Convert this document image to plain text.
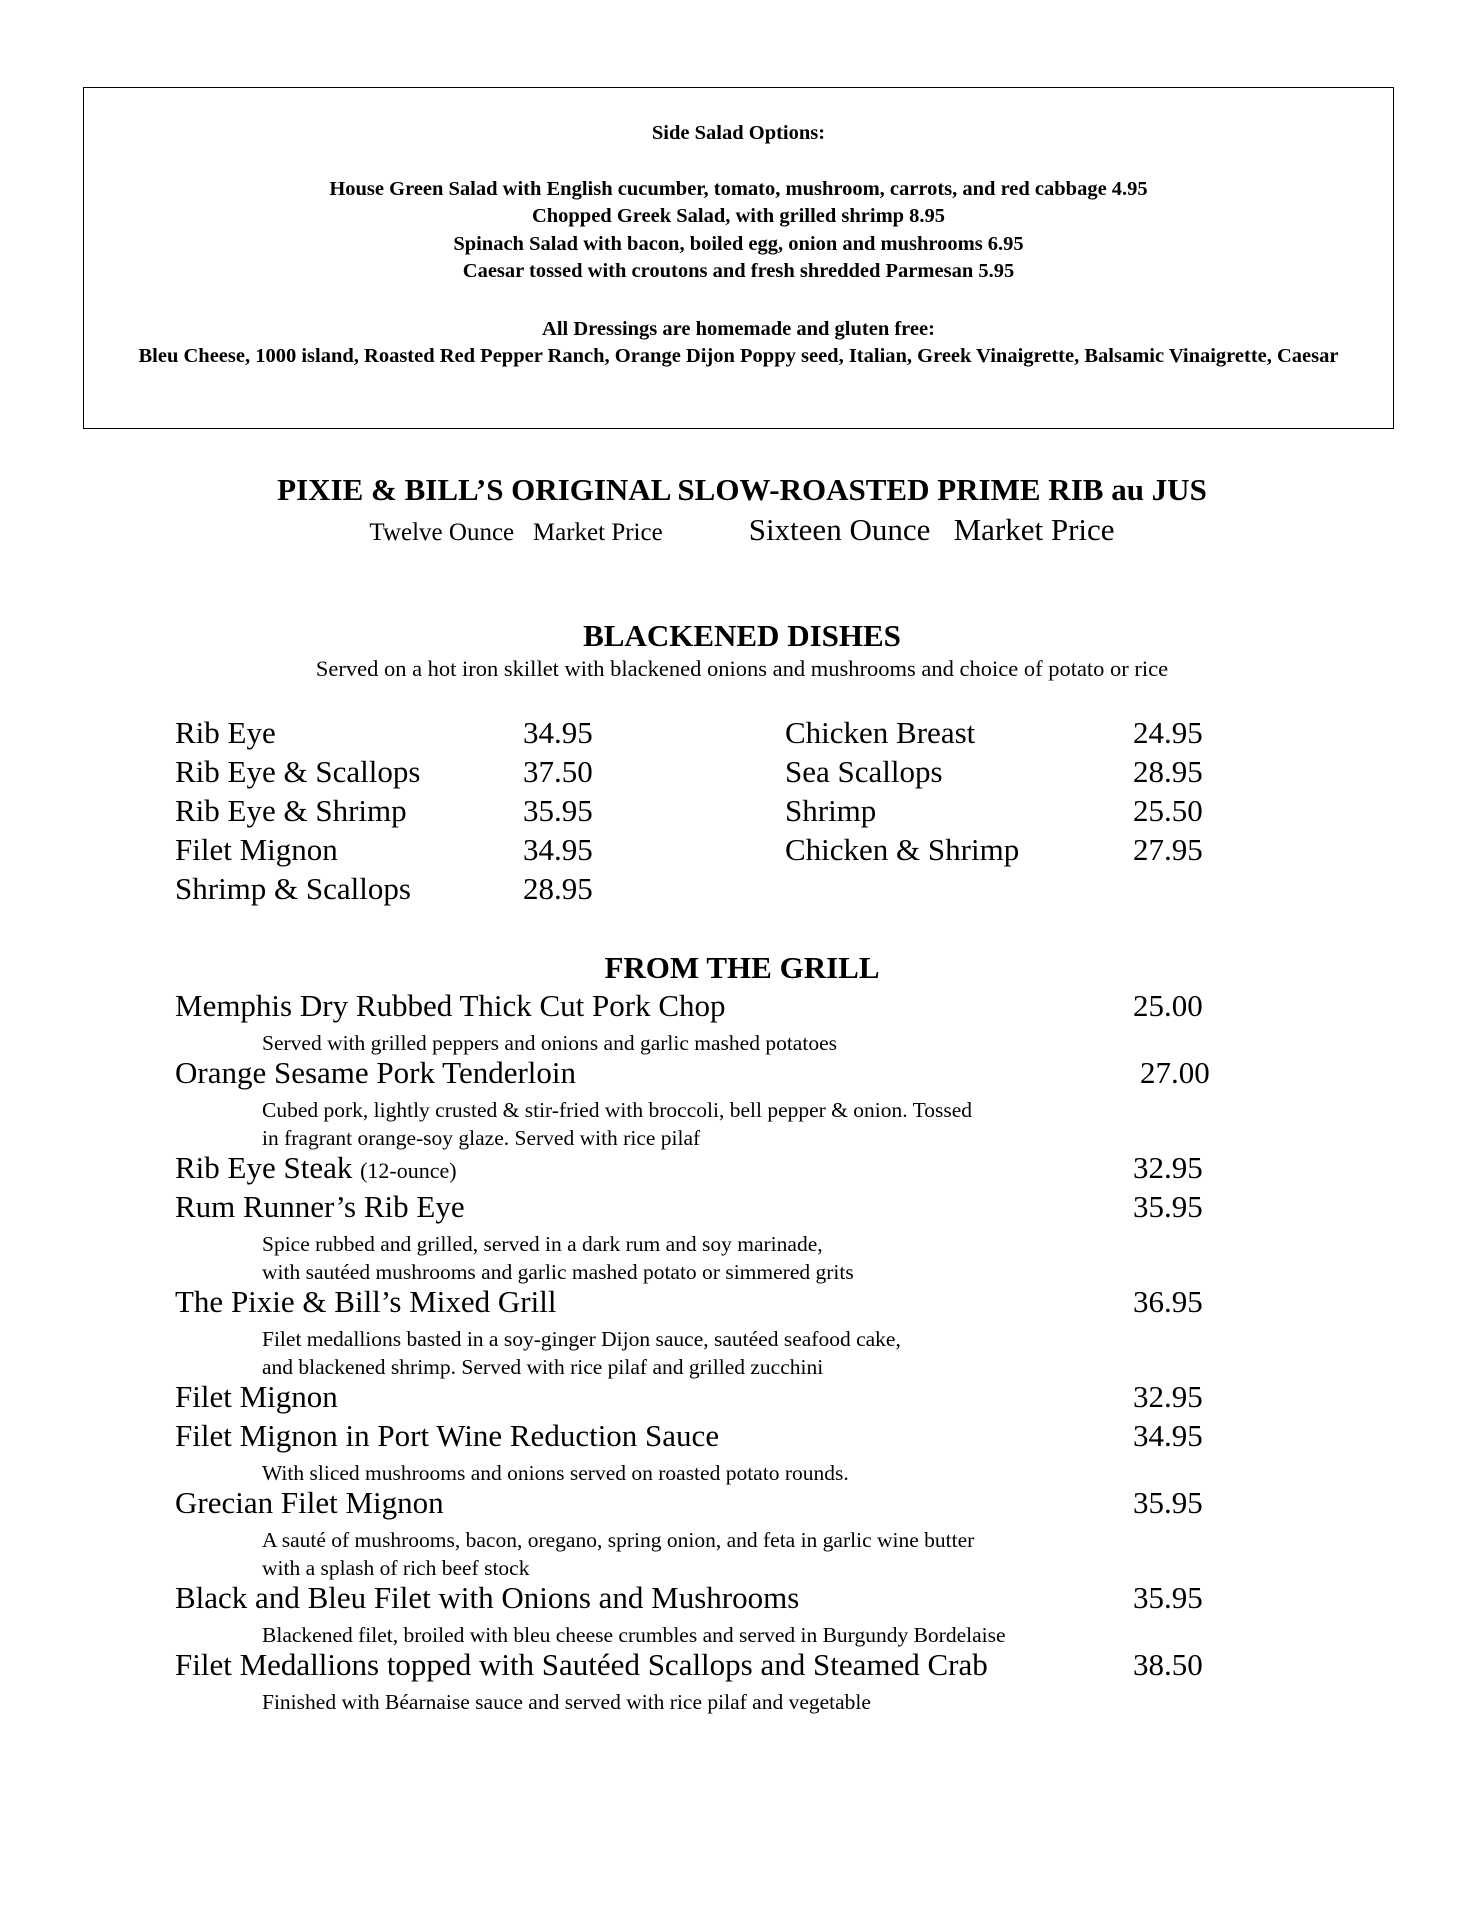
Side Salad Options:
House Green Salad with English cucumber, tomato, mushroom, carrots, and red cabbage 4.95
Chopped Greek Salad, with grilled shrimp 8.95
Spinach Salad with bacon, boiled egg, onion and mushrooms 6.95
Caesar tossed with croutons and fresh shredded Parmesan 5.95
All Dressings are homemade and gluten free:
Bleu Cheese, 1000 island, Roasted Red Pepper Ranch, Orange Dijon Poppy seed, Italian, Greek Vinaigrette, Balsamic Vinaigrette, Caesar
PIXIE & BILL’S ORIGINAL SLOW-ROASTED PRIME RIB au JUS
Twelve Ounce   Market Price	Sixteen Ounce   Market Price
BLACKENED DISHES
Served on a hot iron skillet with blackened onions and mushrooms and choice of potato or rice
Rib Eye	34.95
Rib Eye & Scallops	37.50
Rib Eye & Shrimp	35.95
Filet Mignon	34.95
Shrimp & Scallops	28.95
Chicken Breast	24.95
Sea Scallops	28.95
Shrimp	25.50
Chicken & Shrimp	27.95
FROM THE GRILL
Memphis Dry Rubbed Thick Cut Pork Chop	25.00
Served with grilled peppers and onions and garlic mashed potatoes
Orange Sesame Pork Tenderloin	27.00
Cubed pork, lightly crusted & stir-fried with broccoli, bell pepper & onion. Tossed
in fragrant orange-soy glaze. Served with rice pilaf
Rib Eye Steak (12-ounce)	32.95
Rum Runner’s Rib Eye	35.95
Spice rubbed and grilled, served in a dark rum and soy marinade,
with sautéed mushrooms and garlic mashed potato or simmered grits
The Pixie & Bill’s Mixed Grill	36.95
Filet medallions basted in a soy-ginger Dijon sauce, sautéed seafood cake,
and blackened shrimp. Served with rice pilaf and grilled zucchini
Filet Mignon	32.95
Filet Mignon in Port Wine Reduction Sauce	34.95
With sliced mushrooms and onions served on roasted potato rounds.
Grecian Filet Mignon	35.95
A sauté of mushrooms, bacon, oregano, spring onion, and feta in garlic wine butter
with a splash of rich beef stock
Black and Bleu Filet with Onions and Mushrooms	35.95
Blackened filet, broiled with bleu cheese crumbles and served in Burgundy Bordelaise
Filet Medallions topped with Sautéed Scallops and Steamed Crab	38.50
Finished with Béarnaise sauce and served with rice pilaf and vegetable
